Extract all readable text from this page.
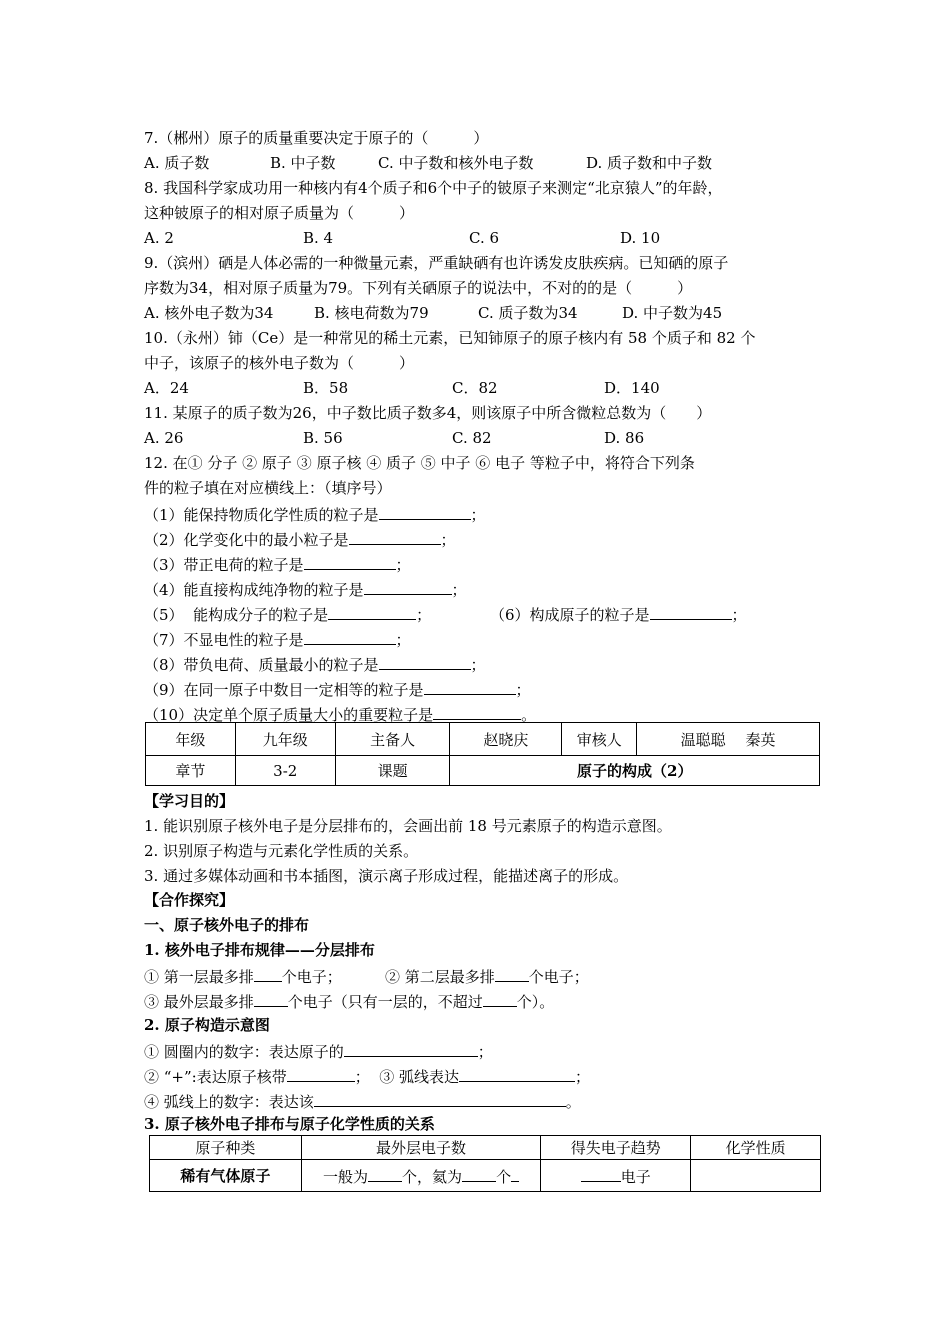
7.（郴州）原子的质量重要决定于原子的（　　　）
A. 质子数	B. 中子数	C. 中子数和核外电子数	D. 质子数和中子数
8. 我国科学家成功用一种核内有4个质子和6个中子的铍原子来测定“北京猿人”的年龄，
这种铍原子的相对原子质量为（　　　）
A. 2	B. 4	C. 6	D. 10
9.（滨州）硒是人体必需的一种微量元素，严重缺硒有也许诱发皮肤疾病。已知硒的原子
序数为34，相对原子质量为79。下列有关硒原子的说法中，不对的的是（　　　）
A. 核外电子数为34	B. 核电荷数为79	C. 质子数为34	D. 中子数为45
10.（永州）铈（Ce）是一种常见的稀土元素，已知铈原子的原子核内有 58 个质子和 82 个
中子，该原子的核外电子数为（　　　）
A．24	B．58	C．82	D．140
11. 某原子的质子数为26，中子数比质子数多4，则该原子中所含微粒总数为（　　）
A. 26	B. 56	C. 82	D. 86
12. 在① 分子 ② 原子 ③ 原子核 ④ 质子 ⑤ 中子 ⑥ 电子 等粒子中，将符合下列条
件的粒子填在对应横线上：（填序号）
（1）能保持物质化学性质的粒子是	；
（2）化学变化中的最小粒子是	；
（3）带正电荷的粒子是	；
（4）能直接构成纯净物的粒子是	；
（5）  能构成分子的粒子是	；	（6）构成原子的粒子是	；
（7）不显电性的粒子是	；
（8）带负电荷、质量最小的粒子是	；
（9）在同一原子中数目一定相等的粒子是	；
（10）决定单个原子质量大小的重要粒子是	。
年级	九年级	主备人	赵晓庆	审核人	温聪聪　 秦英
章节	3-2	课题	原子的构成（2）		
【学习目的】
1. 能识别原子核外电子是分层排布的，会画出前 18 号元素原子的构造示意图。
2. 识别原子构造与元素化学性质的关系。
3. 通过多媒体动画和书本插图，演示离子形成过程，能描述离子的形成。
【合作探究】
一、原子核外电子的排布
1. 核外电子排布规律——分层排布
① 第一层最多排 个电子；	② 第二层最多排 个电子；
③ 最外层最多排 个电子（只有一层的，不超过 个）。
2. 原子构造示意图
① 圆圈内的数字：表达原子的	；
② “+”:表达原子核带	；  ③ 弧线表达	；
④ 弧线上的数字：表达该	。
3. 原子核外电子排布与原子化学性质的关系
原子种类	最外层电子数	得失电子趋势	化学性质
稀有气体原子	一般为 个，氦为 个	电子	
